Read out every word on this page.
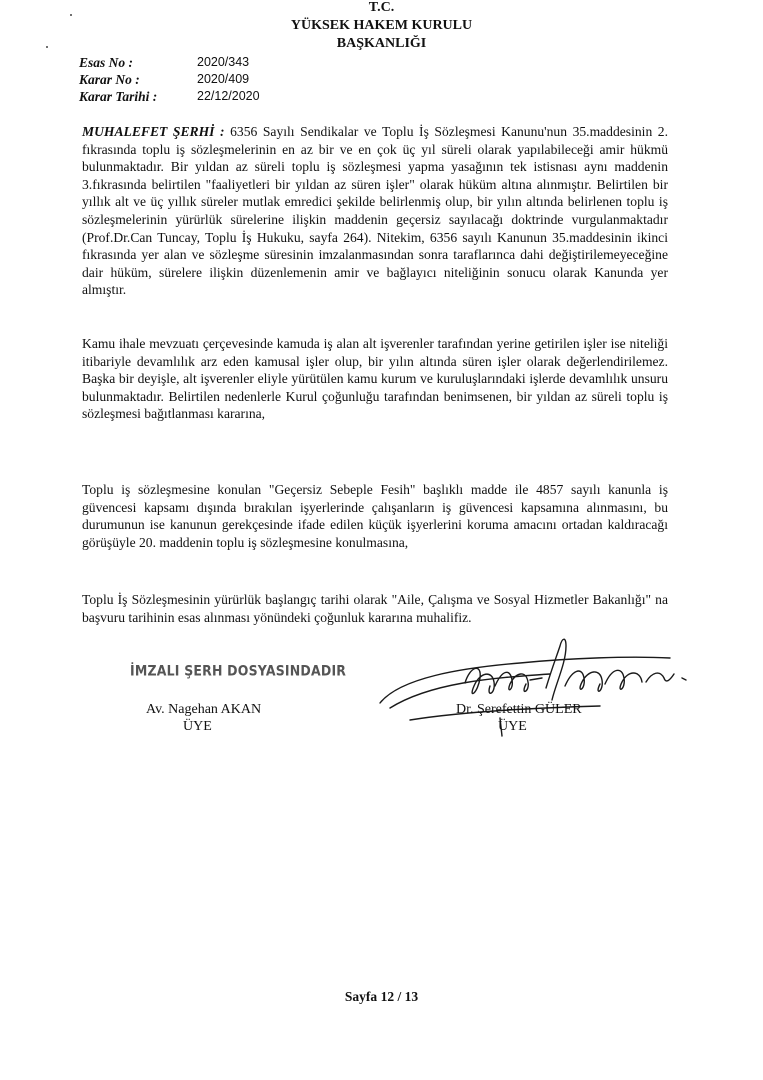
T.C.
YÜKSEK HAKEM KURULU
BAŞKANLIĞI
Esas No :	2020/343
Karar No :	2020/409
Karar Tarihi :	22/12/2020
MUHALEFET ŞERHİ : 6356 Sayılı Sendikalar ve Toplu İş Sözleşmesi Kanunu'nun 35.maddesinin 2. fıkrasında toplu iş sözleşmelerinin en az bir ve en çok üç yıl süreli olarak yapılabileceği amir hükmü bulunmaktadır. Bir yıldan az süreli toplu iş sözleşmesi yapma yasağının tek istisnası aynı maddenin 3.fıkrasında belirtilen "faaliyetleri bir yıldan az süren işler" olarak hüküm altına alınmıştır. Belirtilen bir yıllık alt ve üç yıllık süreler mutlak emredici şekilde belirlenmiş olup, bir yılın altında belirlenen toplu iş sözleşmelerinin yürürlük sürelerine ilişkin maddenin geçersiz sayılacağı doktrinde vurgulanmaktadır (Prof.Dr.Can Tuncay, Toplu İş Hukuku, sayfa 264). Nitekim, 6356 sayılı Kanunun 35.maddesinin ikinci fıkrasında yer alan ve sözleşme süresinin imzalanmasından sonra taraflarınca dahi değiştirilemeyeceğine dair hüküm, sürelere ilişkin düzenlemenin amir ve bağlayıcı niteliğinin sonucu olarak Kanunda yer almıştır.
Kamu ihale mevzuatı çerçevesinde kamuda iş alan alt işverenler tarafından yerine getirilen işler ise niteliği itibariyle devamlılık arz eden kamusal işler olup, bir yılın altında süren işler olarak değerlendirilemez. Başka bir deyişle, alt işverenler eliyle yürütülen kamu kurum ve kuruluşlarındaki işlerde devamlılık unsuru bulunmaktadır. Belirtilen nedenlerle Kurul çoğunluğu tarafından benimsenen, bir yıldan az süreli toplu iş sözleşmesi bağıtlanması kararına,
Toplu iş sözleşmesine konulan "Geçersiz Sebeple Fesih" başlıklı madde ile 4857 sayılı kanunla iş güvencesi kapsamı dışında bırakılan işyerlerinde çalışanların iş güvencesi kapsamına alınmasını, bu durumunun ise kanunun gerekçesinde ifade edilen küçük işyerlerini koruma amacını ortadan kaldıracağı görüşüyle 20. maddenin toplu iş sözleşmesine konulmasına,
Toplu İş Sözleşmesinin yürürlük başlangıç tarihi olarak "Aile, Çalışma ve Sosyal Hizmetler Bakanlığı" na başvuru tarihinin esas alınması yönündeki çoğunluk kararına muhalifiz.
İMZALI ŞERH DOSYASINDADIR
Av. Nagehan AKAN
ÜYE
Dr. Şerefettin GÜLER
ÜYE
Sayfa 12 / 13
